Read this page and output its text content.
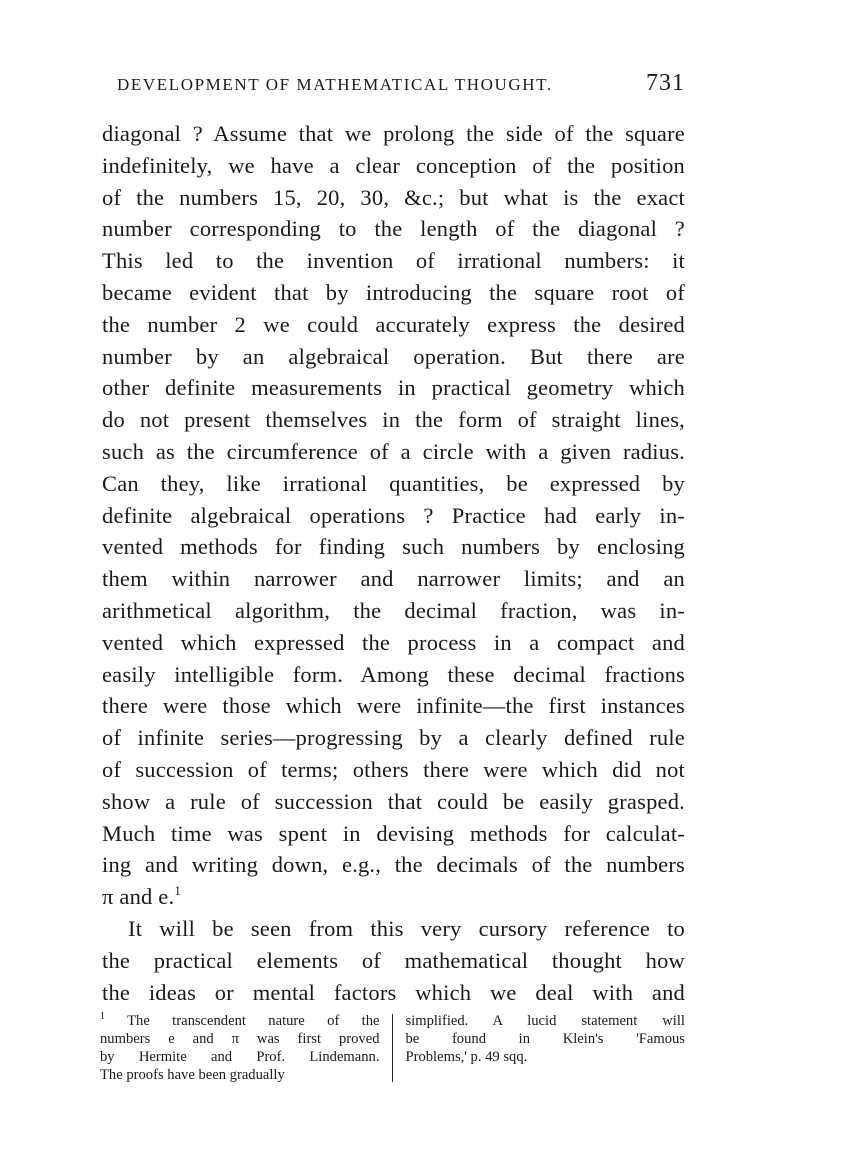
DEVELOPMENT OF MATHEMATICAL THOUGHT.	731
diagonal ? Assume that we prolong the side of the square
indefinitely, we have a clear conception of the position
of the numbers 15, 20, 30, &c.; but what is the exact
number corresponding to the length of the diagonal ?
This led to the invention of irrational numbers: it
became evident that by introducing the square root of
the number 2 we could accurately express the desired
number by an algebraical operation. But there are
other definite measurements in practical geometry which
do not present themselves in the form of straight lines,
such as the circumference of a circle with a given radius.
Can they, like irrational quantities, be expressed by
definite algebraical operations ? Practice had early in-
vented methods for finding such numbers by enclosing
them within narrower and narrower limits; and an
arithmetical algorithm, the decimal fraction, was in-
vented which expressed the process in a compact and
easily intelligible form. Among these decimal fractions
there were those which were infinite—the first instances
of infinite series—progressing by a clearly defined rule
of succession of terms; others there were which did not
show a rule of succession that could be easily grasped.
Much time was spent in devising methods for calculat-
ing and writing down, e.g., the decimals of the numbers
π and e.$^1$
It will be seen from this very cursory reference to
the practical elements of mathematical thought how
the ideas or mental factors which we deal with and
$^1$ The transcendent nature of the
numbers e and π was first proved
by Hermite and Prof. Lindemann.
The proofs have been gradually
simplified. A lucid statement will
be found in Klein's 'Famous
Problems,' p. 49 sqq.
